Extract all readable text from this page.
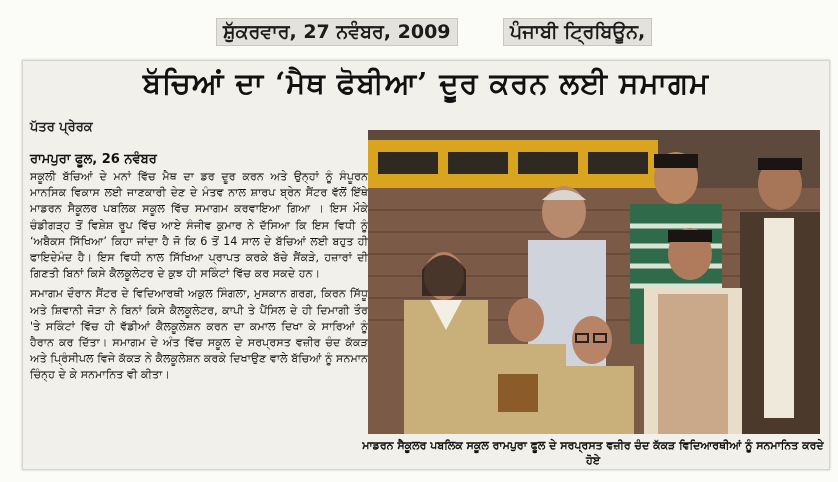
ਸ਼ੁੱਕਰਵਾਰ, 27 ਨਵੰਬਰ, 2009	ਪੰਜਾਬੀ ਟ੍ਰਿਬਿਊਨ,
ਬੱਚਿਆਂ ਦਾ ‘ਮੈਥ ਫੋਬੀਆ’ ਦੂਰ ਕਰਨ ਲਈ ਸਮਾਗਮ
ਪੱਤਰ ਪ੍ਰੇਰਕ
ਰਾਮਪੁਰਾ ਫੂਲ, 26 ਨਵੰਬਰ

ਸਕੂਲੀ ਬੱਚਿਆਂ ਦੇ ਮਨਾਂ ਵਿੱਚ ਮੈਥ ਦਾ ਡਰ ਦੂਰ ਕਰਨ ਅਤੇ ਉਨ੍ਹਾਂ ਨੂੰ ਸੰਪੂਰਨ ਮਾਨਸਿਕ ਵਿਕਾਸ ਲਈ ਜਾਣਕਾਰੀ ਦੇਣ ਦੇ ਮੰਤਵ ਨਾਲ ਸ਼ਾਰਪ ਬ੍ਰੇਨ ਸੈਂਟਰ ਵੱਲੋਂ ਇੱਥੇ ਮਾਡਰਨ ਸੈਕੂਲਰ ਪਬਲਿਕ ਸਕੂਲ ਵਿੱਚ ਸਮਾਗਮ ਕਰਵਾਇਆ ਗਿਆ । ਇਸ ਮੌਕੇ ਚੰਡੀਗੜ੍ਹ ਤੋਂ ਵਿਸ਼ੇਸ਼ ਰੂਪ ਵਿੱਚ ਆਏ ਸੰਜੀਵ ਕੁਮਾਰ ਨੇ ਦੱਸਿਆ ਕਿ ਇਸ ਵਿਧੀ ਨੂੰ ‘ਅਬੈਕਸ ਸਿੱਖਿਆ’ ਕਿਹਾ ਜਾਂਦਾ ਹੈ ਜੋ ਕਿ 6 ਤੋਂ 14 ਸਾਲ ਦੇ ਬੱਚਿਆਂ ਲਈ ਬਹੁਤ ਹੀ ਫਾਇਦੇਮੰਦ ਹੈ। ਇਸ ਵਿਧੀ ਨਾਲ ਸਿੱਖਿਆ ਪ੍ਰਾਪਤ ਕਰਕੇ ਬੱਚੇ ਸੈਂਕੜੇ, ਹਜ਼ਾਰਾਂ ਦੀ ਗਿਣਤੀ ਬਿਨਾਂ ਕਿਸੇ ਕੈਲਕੂਲੇਟਰ ਦੇ ਕੁਝ ਹੀ ਸਕਿੰਟਾਂ ਵਿੱਚ ਕਰ ਸਕਦੇ ਹਨ।

ਸਮਾਗਮ ਦੌਰਾਨ ਸੈਂਟਰ ਦੇ ਵਿਦਿਆਰਥੀ ਅਕੁਲ ਸਿੰਗਲਾ, ਮੁਸਕਾਨ ਗਰਗ, ਕਿਰਨ ਸਿੱਧੂ ਅਤੇ ਸ਼ਿਵਾਨੀ ਜੋੜਾ ਨੇ ਬਿਨਾਂ ਕਿਸੇ ਕੈਲਕੂਲੇਟਰ, ਕਾਪੀ ਤੇ ਪੈਂਸਿਲ ਦੇ ਹੀ ਦਿਮਾਗੀ ਤੌਰ 'ਤੇ ਸਕਿੰਟਾਂ ਵਿੱਚ ਹੀ ਵੱਡੀਆਂ ਕੈਲਕੂਲੇਸ਼ਨ ਕਰਨ ਦਾ ਕਮਾਲ ਦਿਖਾ ਕੇ ਸਾਰਿਆਂ ਨੂੰ ਹੈਰਾਨ ਕਰ ਦਿੱਤਾ। ਸਮਾਗਮ ਦੇ ਅੰਤ ਵਿੱਚ ਸਕੂਲ ਦੇ ਸਰਪ੍ਰਸਤ ਵਜ਼ੀਰ ਚੰਦ ਕੱਕੜ ਅਤੇ ਪ੍ਰਿੰਸੀਪਲ ਵਿਜੇ ਕੱਕੜ ਨੇ ਕੈਲਕੂਲੇਸ਼ਨ ਕਰਕੇ ਦਿਖਾਉਣ ਵਾਲੇ ਬੱਚਿਆਂ ਨੂੰ ਸਨਮਾਨ ਚਿੰਨ੍ਹ ਦੇ ਕੇ ਸਨਮਾਨਿਤ ਵੀ ਕੀਤਾ।

ਮਾਡਰਨ ਸੈਕੂਲਰ ਪਬਲਿਕ ਸਕੂਲ ਰਾਮਪੁਰਾ ਫੂਲ ਦੇ ਸਰਪ੍ਰਸਤ ਵਜ਼ੀਰ ਚੰਦ ਕੱਕੜ ਵਿਦਿਆਰਥੀਆਂ ਨੂੰ ਸਨਮਾਨਿਤ ਕਰਦੇ ਹੋਏ
